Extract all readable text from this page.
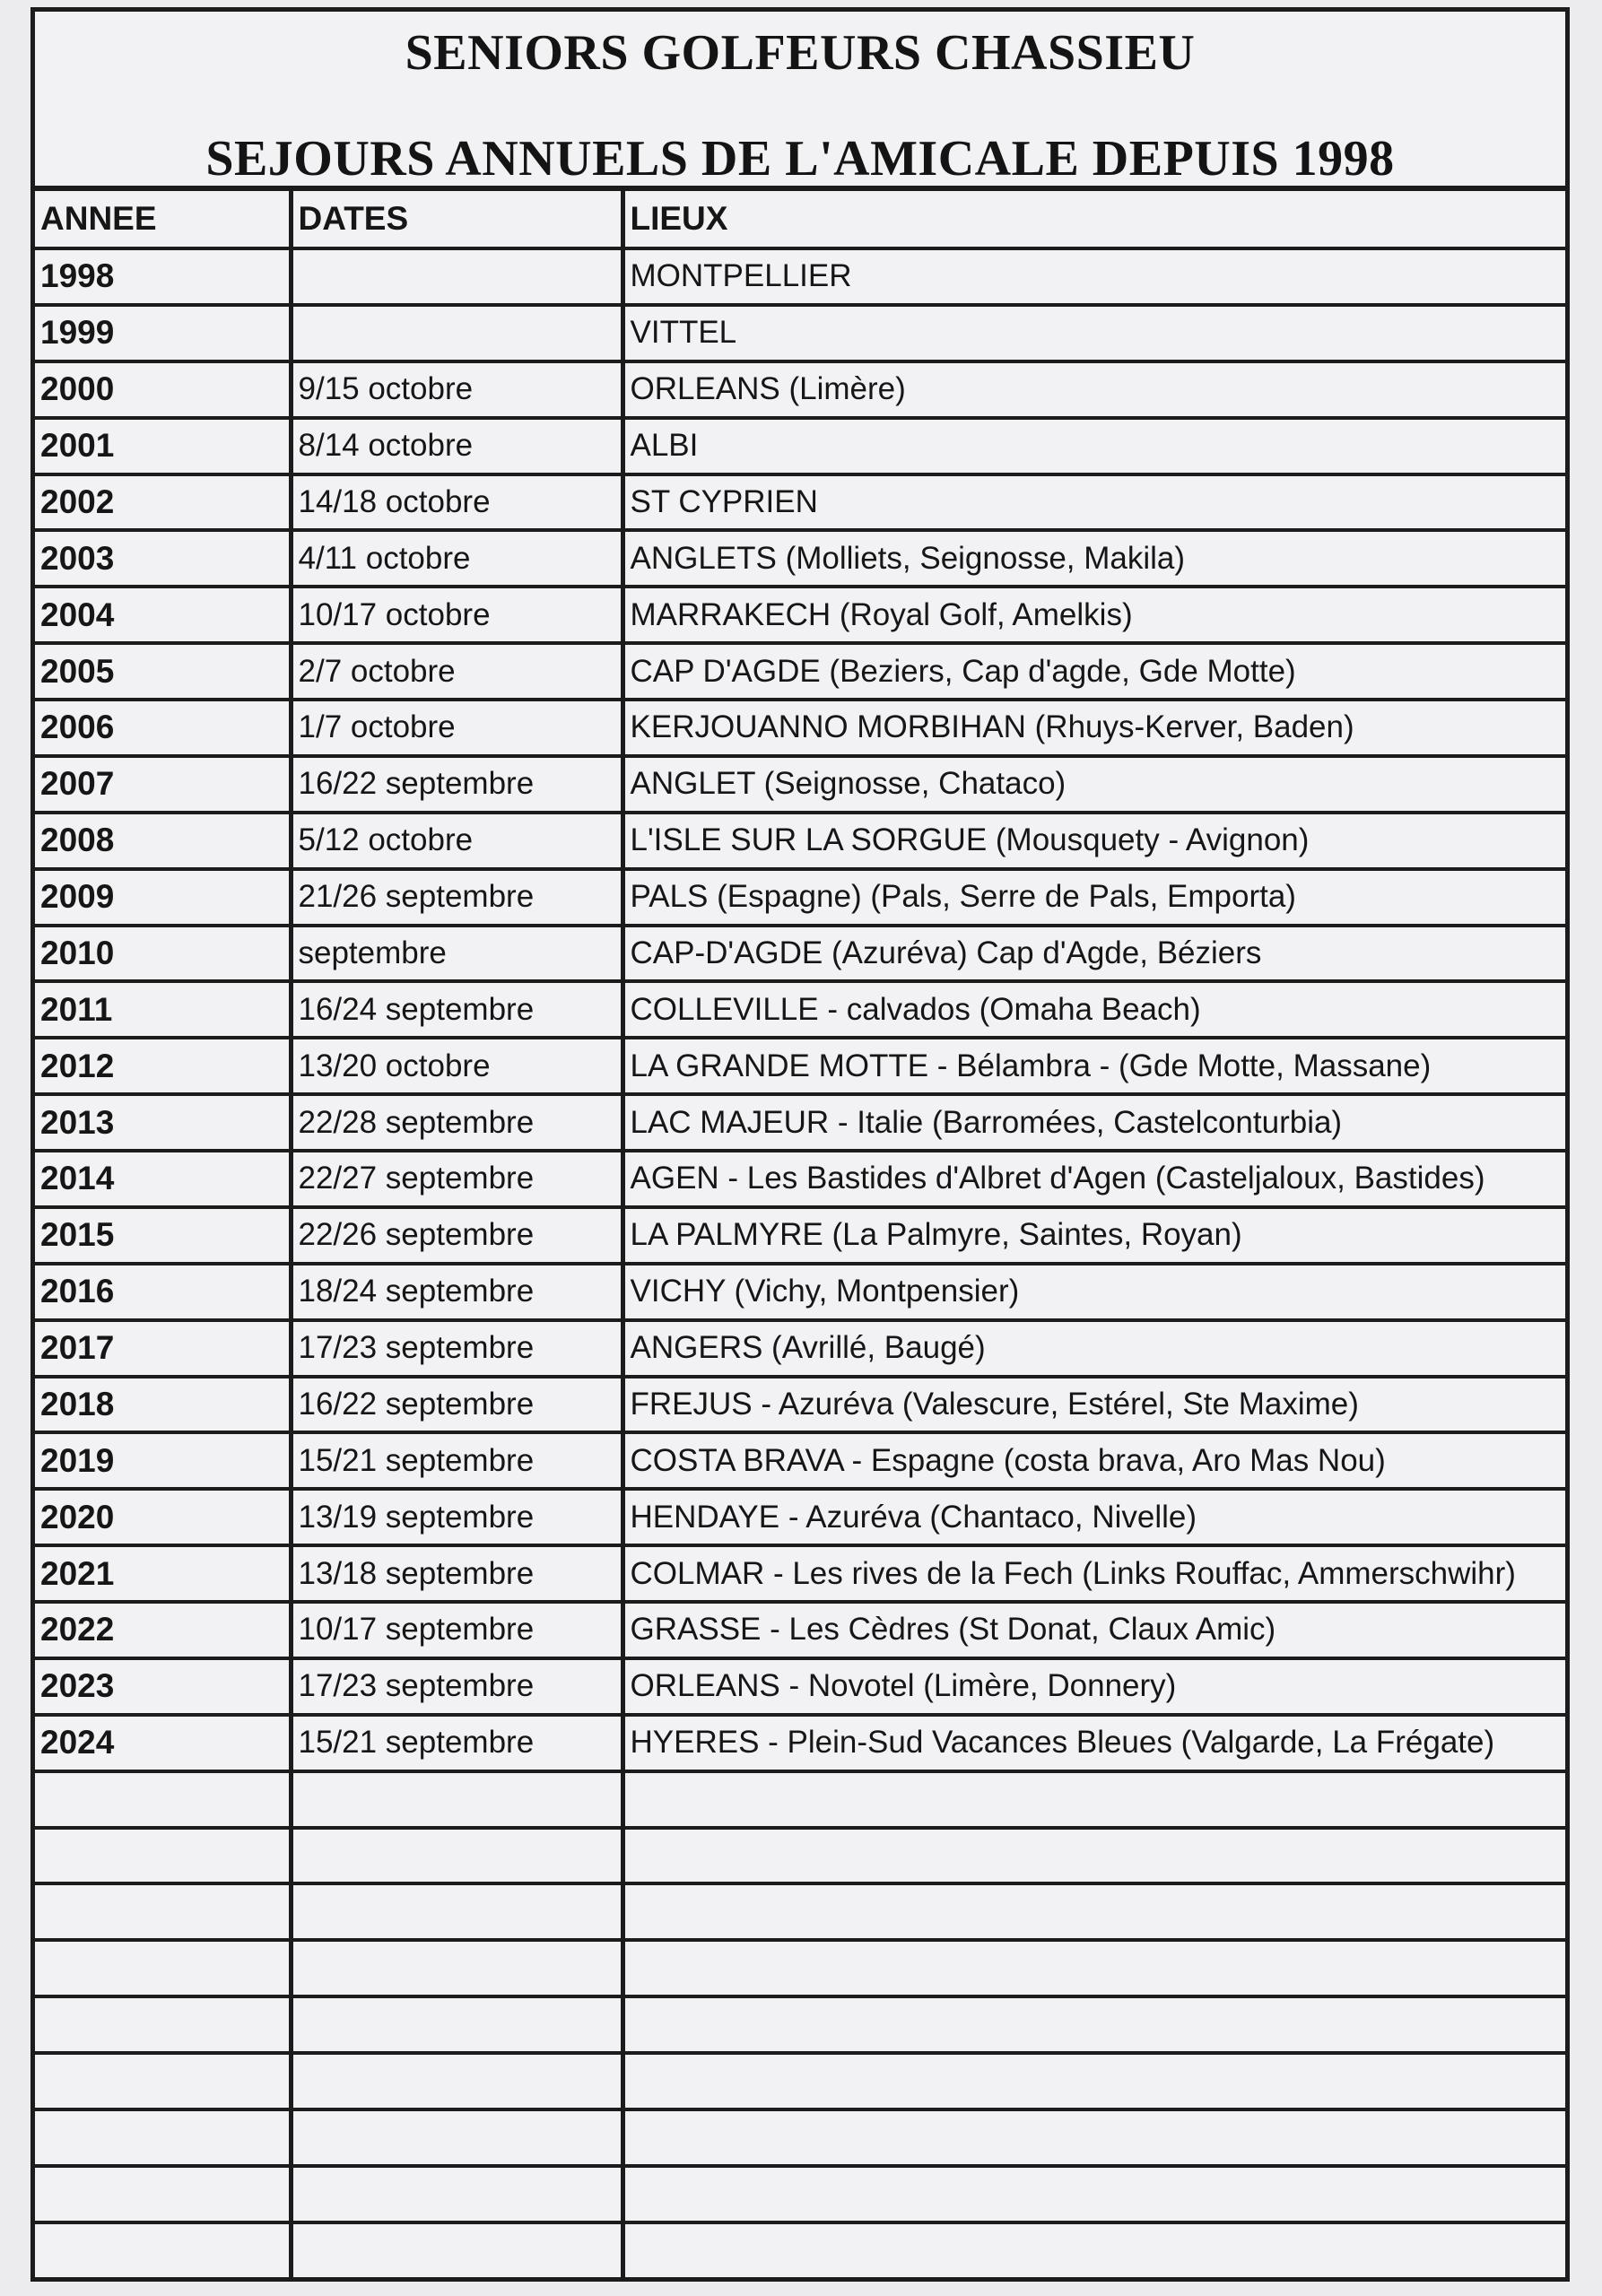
SENIORS GOLFEURS CHASSIEU
SEJOURS ANNUELS DE L'AMICALE DEPUIS 1998
ANNEE	DATES	LIEUX
1998		MONTPELLIER
1999		VITTEL
2000	9/15 octobre	ORLEANS (Limère)
2001	8/14 octobre	ALBI
2002	14/18 octobre	ST CYPRIEN
2003	4/11 octobre	ANGLETS (Molliets, Seignosse, Makila)
2004	10/17 octobre	MARRAKECH (Royal Golf, Amelkis)
2005	2/7 octobre	CAP D'AGDE (Beziers, Cap d'agde, Gde Motte)
2006	1/7 octobre	KERJOUANNO MORBIHAN (Rhuys-Kerver, Baden)
2007	16/22 septembre	ANGLET (Seignosse, Chataco)
2008	5/12 octobre	L'ISLE SUR LA SORGUE (Mousquety - Avignon)
2009	21/26 septembre	PALS (Espagne) (Pals, Serre de Pals, Emporta)
2010	septembre	CAP-D'AGDE (Azuréva) Cap d'Agde, Béziers
2011	16/24 septembre	COLLEVILLE - calvados (Omaha Beach)
2012	13/20 octobre	LA GRANDE MOTTE - Bélambra - (Gde Motte, Massane)
2013	22/28 septembre	LAC MAJEUR - Italie (Barromées, Castelconturbia)
2014	22/27 septembre	AGEN - Les Bastides d'Albret d'Agen (Casteljaloux, Bastides)
2015	22/26 septembre	LA PALMYRE (La Palmyre, Saintes, Royan)
2016	18/24 septembre	VICHY (Vichy, Montpensier)
2017	17/23 septembre	ANGERS (Avrillé, Baugé)
2018	16/22 septembre	FREJUS - Azuréva (Valescure, Estérel, Ste Maxime)
2019	15/21 septembre	COSTA BRAVA - Espagne (costa brava, Aro Mas Nou)
2020	13/19 septembre	HENDAYE - Azuréva (Chantaco, Nivelle)
2021	13/18 septembre	COLMAR - Les rives de la Fech (Links Rouffac, Ammerschwihr)
2022	10/17 septembre	GRASSE - Les Cèdres (St Donat, Claux Amic)
2023	17/23 septembre	ORLEANS - Novotel (Limère, Donnery)
2024	15/21 septembre	HYERES - Plein-Sud Vacances Bleues (Valgarde, La Frégate)
